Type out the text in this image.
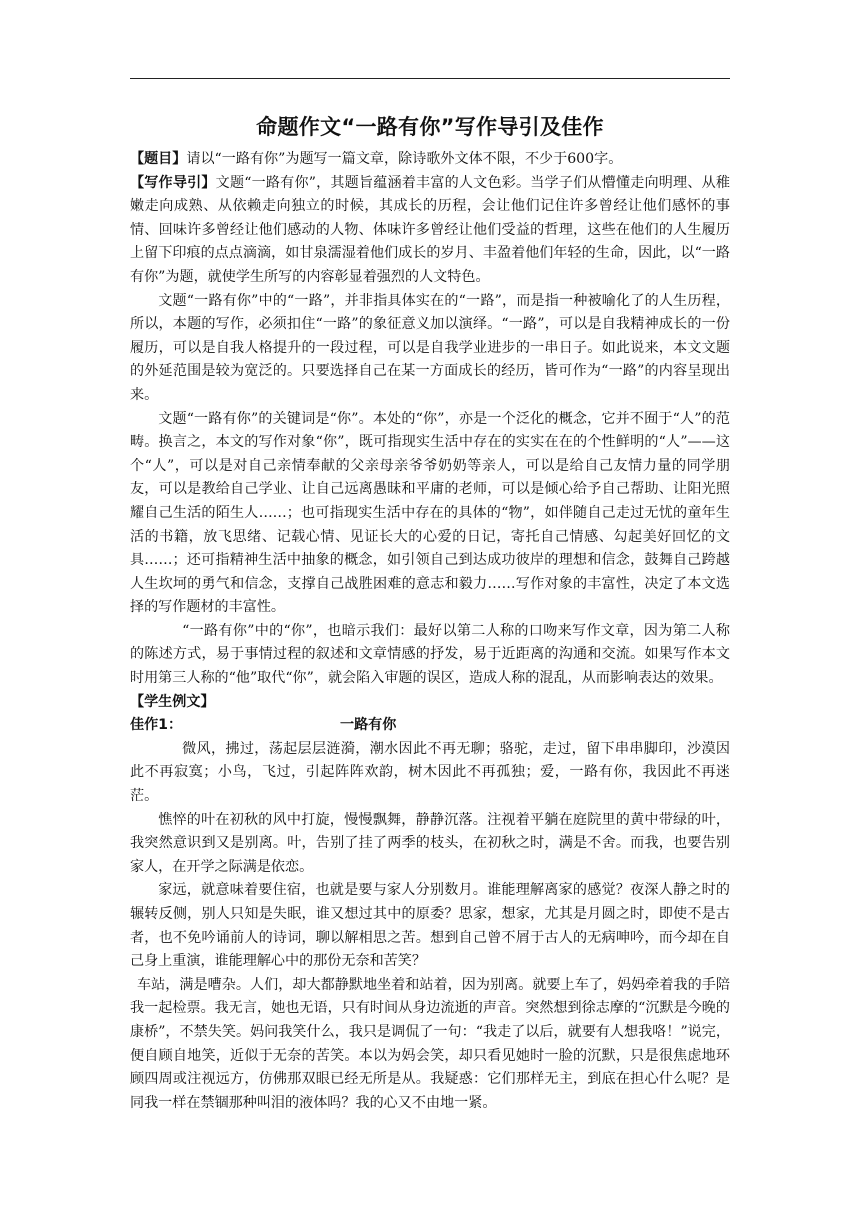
命题作文“一路有你”写作导引及佳作

【题目】请以“一路有你”为题写一篇文章，除诗歌外文体不限，不少于600字。

【写作导引】文题“一路有你”，其题旨蕴涵着丰富的人文色彩。当学子们从懵懂走向明理、从稚嫩走向成熟、从依赖走向独立的时候，其成长的历程，会让他们记住许多曾经让他们感怀的事情、回味许多曾经让他们感动的人物、体味许多曾经让他们受益的哲理，这些在他们的人生履历上留下印痕的点点滴滴，如甘泉濡湿着他们成长的岁月、丰盈着他们年轻的生命，因此，以“一路有你”为题，就使学生所写的内容彰显着强烈的人文特色。

文题“一路有你”中的“一路”，并非指具体实在的“一路”，而是指一种被喻化了的人生历程，所以，本题的写作，必须扣住“一路”的象征意义加以演绎。“一路”，可以是自我精神成长的一份履历，可以是自我人格提升的一段过程，可以是自我学业进步的一串日子。如此说来，本文文题的外延范围是较为宽泛的。只要选择自己在某一方面成长的经历，皆可作为“一路”的内容呈现出来。

文题“一路有你”的关键词是“你”。本处的“你”，亦是一个泛化的概念，它并不囿于“人”的范畴。换言之，本文的写作对象“你”，既可指现实生活中存在的实实在在的个性鲜明的“人”——这个“人”，可以是对自己亲情奉献的父亲母亲爷爷奶奶等亲人，可以是给自己友情力量的同学朋友，可以是教给自己学业、让自己远离愚昧和平庸的老师，可以是倾心给予自己帮助、让阳光照耀自己生活的陌生人……；也可指现实生活中存在的具体的“物”，如伴随自己走过无忧的童年生活的书籍，放飞思绪、记载心情、见证长大的心爱的日记，寄托自己情感、勾起美好回忆的文具……；还可指精神生活中抽象的概念，如引领自己到达成功彼岸的理想和信念，鼓舞自己跨越人生坎坷的勇气和信念，支撑自己战胜困难的意志和毅力……写作对象的丰富性，决定了本文选择的写作题材的丰富性。

“一路有你”中的“你”，也暗示我们：最好以第二人称的口吻来写作文章，因为第二人称的陈述方式，易于事情过程的叙述和文章情感的抒发，易于近距离的沟通和交流。如果写作本文时用第三人称的“他”取代“你”，就会陷入审题的误区，造成人称的混乱，从而影响表达的效果。

【学生例文】

佳作1：	一路有你

微风，拂过，荡起层层涟漪，潮水因此不再无聊；骆驼，走过，留下串串脚印，沙漠因此不再寂寞；小鸟，飞过，引起阵阵欢韵，树木因此不再孤独；爱，一路有你，我因此不再迷茫。

憔悴的叶在初秋的风中打旋，慢慢飘舞，静静沉落。注视着平躺在庭院里的黄中带绿的叶，我突然意识到又是别离。叶，告别了挂了两季的枝头，在初秋之时，满是不舍。而我，也要告别家人，在开学之际满是依恋。

家远，就意味着要住宿，也就是要与家人分别数月。谁能理解离家的感觉？夜深人静之时的辗转反侧，别人只知是失眠，谁又想过其中的原委？思家，想家，尤其是月圆之时，即使不是古者，也不免吟诵前人的诗词，聊以解相思之苦。想到自己曾不屑于古人的无病呻吟，而今却在自己身上重演，谁能理解心中的那份无奈和苦笑？

车站，满是嘈杂。人们，却大都静默地坐着和站着，因为别离。就要上车了，妈妈牵着我的手陪我一起检票。我无言，她也无语，只有时间从身边流逝的声音。突然想到徐志摩的“沉默是今晚的康桥”，不禁失笑。妈问我笑什么，我只是调侃了一句：“我走了以后，就要有人想我咯！”说完，便自顾自地笑，近似于无奈的苦笑。本以为妈会笑，却只看见她时一脸的沉默，只是很焦虑地环顾四周或注视远方，仿佛那双眼已经无所是从。我疑惑：它们那样无主，到底在担心什么呢？是同我一样在禁锢那种叫泪的液体吗？我的心又不由地一紧。
